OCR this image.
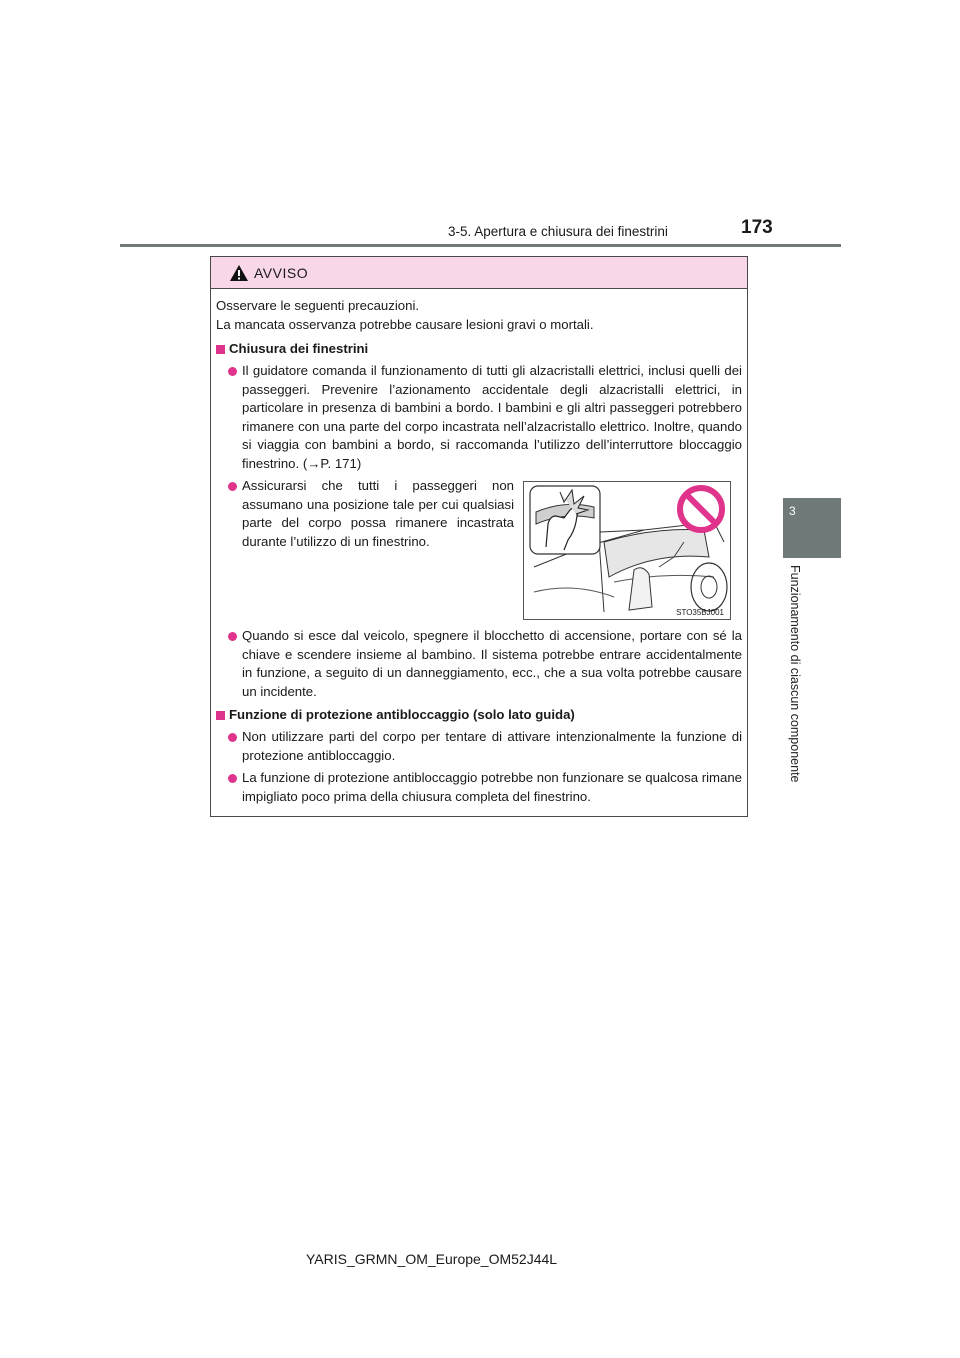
3-5. Apertura e chiusura dei finestrini	173
3
Funzionamento di ciascun componente
AVVISO
Osservare le seguenti precauzioni.
La mancata osservanza potrebbe causare lesioni gravi o mortali.
Chiusura dei finestrini
Il guidatore comanda il funzionamento di tutti gli alzacristalli elettrici, inclusi quelli dei passeggeri. Prevenire l’azionamento accidentale degli alzacristalli elettrici, in particolare in presenza di bambini a bordo. I bambini e gli altri passeggeri potrebbero rimanere con una parte del corpo incastrata nell’alzacristallo elettrico. Inoltre, quando si viaggia con bambini a bordo, si raccomanda l’utilizzo dell’interruttore bloccaggio finestrino. (→P. 171)
Assicurarsi che tutti i passeggeri non assumano una posizione tale per cui qualsiasi parte del corpo possa rimanere incastrata durante l’utilizzo di un finestrino.
STO35BJ001
Quando si esce dal veicolo, spegnere il blocchetto di accensione, portare con sé la chiave e scendere insieme al bambino. Il sistema potrebbe entrare accidentalmente in funzione, a seguito di un danneggiamento, ecc., che a sua volta potrebbe causare un incidente.
Funzione di protezione antibloccaggio (solo lato guida)
Non utilizzare parti del corpo per tentare di attivare intenzionalmente la funzione di protezione antibloccaggio.
La funzione di protezione antibloccaggio potrebbe non funzionare se qualcosa rimane impigliato poco prima della chiusura completa del finestrino.
YARIS_GRMN_OM_Europe_OM52J44L
